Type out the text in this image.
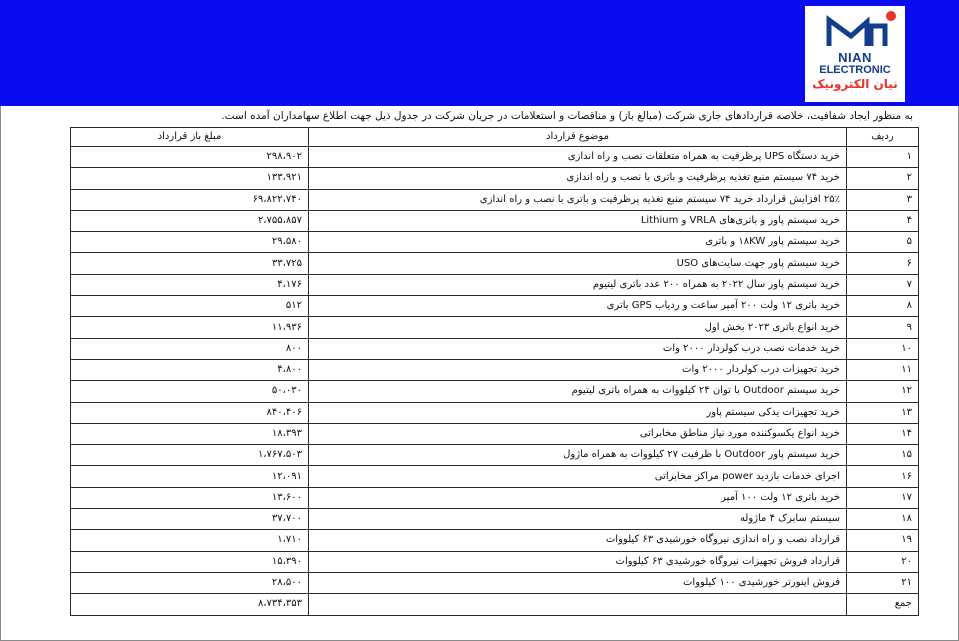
NIAN
ELECTRONIC
نیان الکترونیک
به منظور ایجاد شفافیت، خلاصه قراردادهای جاری شرکت (مبالغ باز) و مناقصات و استعلامات در جریان شرکت در جدول ذیل جهت اطلاع سهامداران آمده است.
ردیف	موضوع قرارداد	مبلغ باز قرارداد
۱	خرید دستگاه UPS پرظرفیت به همراه متعلقات نصب و راه اندازی	۲۹۸،۹۰۲
۲	خرید ۷۴ سیستم منبع تغذیه پرظرفیت و باتری با نصب و راه اندازی	۱۳۳،۹۲۱
۳	۲۵٪ افزایش قرارداد خرید ۷۴ سیستم منبع تغذیه پرظرفیت و باتری با نصب و راه اندازی	۶۹،۸۲۲،۷۴۰
۴	خرید سیستم پاور و باتری‌های VRLA و Lithium	۲،۷۵۵،۸۵۷
۵	خرید سیستم پاور ۱۸KW و باتری	۲۹،۵۸۰
۶	خرید سیستم پاور جهت سایت‌های USO	۳۳،۷۲۵
۷	خرید سیستم پاور سال ۲۰۲۲ به همراه ۲۰۰ عدد باتری لیتیوم	۴،۱۷۶
۸	خرید باتری ۱۲ ولت ۲۰۰ آمپر ساعت و ردیاب GPS باتری	۵۱۲
۹	خرید انواع باتری ۲۰۲۳ بخش اول	۱۱،۹۳۶
۱۰	خرید خدمات نصب درب کولردار ۲۰۰۰ وات	۸۰۰
۱۱	خرید تجهیزات درب کولردار ۲۰۰۰ وات	۴،۸۰۰
۱۲	خرید سیستم Outdoor با توان ۲۴ کیلووات به همراه باتری لیتیوم	۵۰،۰۳۰
۱۳	خرید تجهیزات یدکی سیستم پاور	۸۴۰،۴۰۶
۱۴	خرید انواع یکسوکننده مورد نیاز مناطق مخابراتی	۱۸،۳۹۳
۱۵	خرید سیستم پاور Outdoor با ظرفیت ۲۷ کیلووات به همراه ماژول	۱،۷۶۷،۵۰۳
۱۶	اجرای خدمات بازدید power مراکز مخابراتی	۱۲،۰۹۱
۱۷	خرید باتری ۱۲ ولت ۱۰۰ آمپر	۱۳،۶۰۰
۱۸	سیستم سابرک ۴ ماژوله	۳۷،۷۰۰
۱۹	قرارداد نصب و راه اندازی نیروگاه خورشیدی ۶۳ کیلووات	۱،۷۱۰
۲۰	قرارداد فروش تجهیزات نیروگاه خورشیدی ۶۳ کیلووات	۱۵،۳۹۰
۲۱	فروش اینورتر خورشیدی ۱۰۰ کیلووات	۲۸،۵۰۰
جمع		۸،۷۳۴،۳۵۳
